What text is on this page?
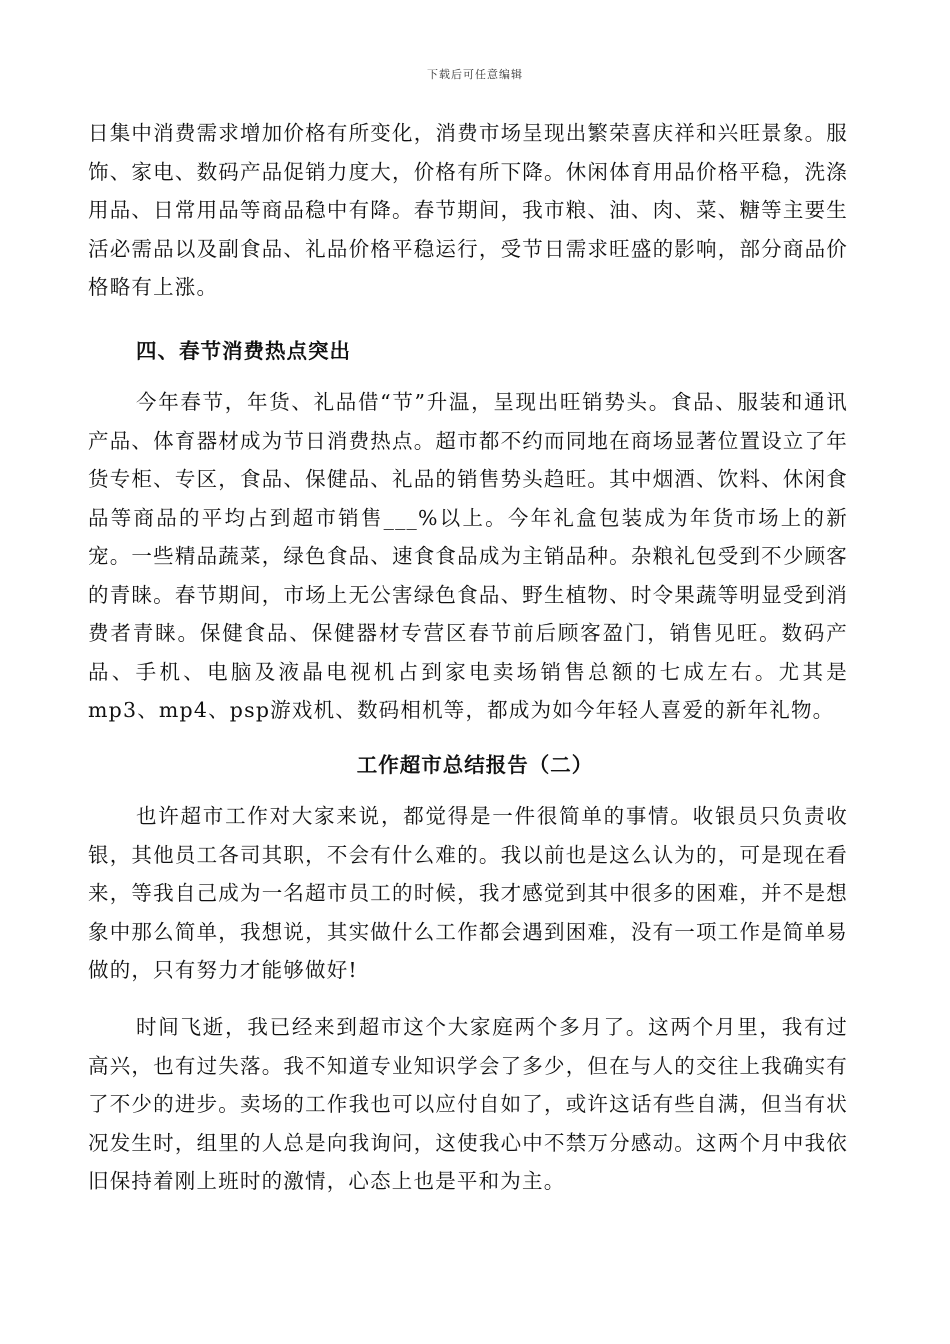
下载后可任意编辑

日集中消费需求增加价格有所变化，消费市场呈现出繁荣喜庆祥和兴旺景象。服饰、家电、数码产品促销力度大，价格有所下降。休闲体育用品价格平稳，洗涤用品、日常用品等商品稳中有降。春节期间，我市粮、油、肉、菜、糖等主要生活必需品以及副食品、礼品价格平稳运行，受节日需求旺盛的影响，部分商品价格略有上涨。

四、春节消费热点突出

今年春节，年货、礼品借“节”升温，呈现出旺销势头。食品、服装和通讯产品、体育器材成为节日消费热点。超市都不约而同地在商场显著位置设立了年货专柜、专区，食品、保健品、礼品的销售势头趋旺。其中烟酒、饮料、休闲食品等商品的平均占到超市销售___%以上。今年礼盒包装成为年货市场上的新宠。一些精品蔬菜，绿色食品、速食食品成为主销品种。杂粮礼包受到不少顾客的青睐。春节期间，市场上无公害绿色食品、野生植物、时令果蔬等明显受到消费者青睐。保健食品、保健器材专营区春节前后顾客盈门，销售见旺。数码产品、手机、电脑及液晶电视机占到家电卖场销售总额的七成左右。尤其是mp3、mp4、psp游戏机、数码相机等，都成为如今年轻人喜爱的新年礼物。

工作超市总结报告（二）

也许超市工作对大家来说，都觉得是一件很简单的事情。收银员只负责收银，其他员工各司其职，不会有什么难的。我以前也是这么认为的，可是现在看来，等我自己成为一名超市员工的时候，我才感觉到其中很多的困难，并不是想象中那么简单，我想说，其实做什么工作都会遇到困难，没有一项工作是简单易做的，只有努力才能够做好!

时间飞逝，我已经来到超市这个大家庭两个多月了。这两个月里，我有过高兴，也有过失落。我不知道专业知识学会了多少，但在与人的交往上我确实有了不少的进步。卖场的工作我也可以应付自如了，或许这话有些自满，但当有状况发生时，组里的人总是向我询问，这使我心中不禁万分感动。这两个月中我依旧保持着刚上班时的激情，心态上也是平和为主。
